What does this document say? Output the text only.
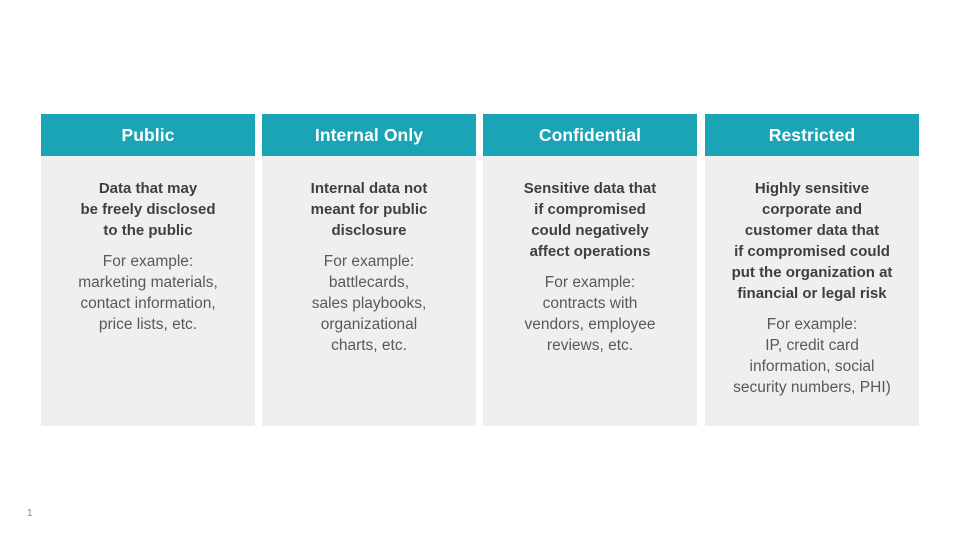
Public

Data that may
be freely disclosed
to the public

For example:
marketing materials,
contact information,
price lists, etc.

Internal Only

Internal data not
meant for public
disclosure

For example:
battlecards,
sales playbooks,
organizational
charts, etc.

Confidential

Sensitive data that
if compromised
could negatively
affect operations

For example:
contracts with
vendors, employee
reviews, etc.

Restricted

Highly sensitive
corporate and
customer data that
if compromised could
put the organization at
financial or legal risk

For example:
IP, credit card
information, social
security numbers, PHI)

1
